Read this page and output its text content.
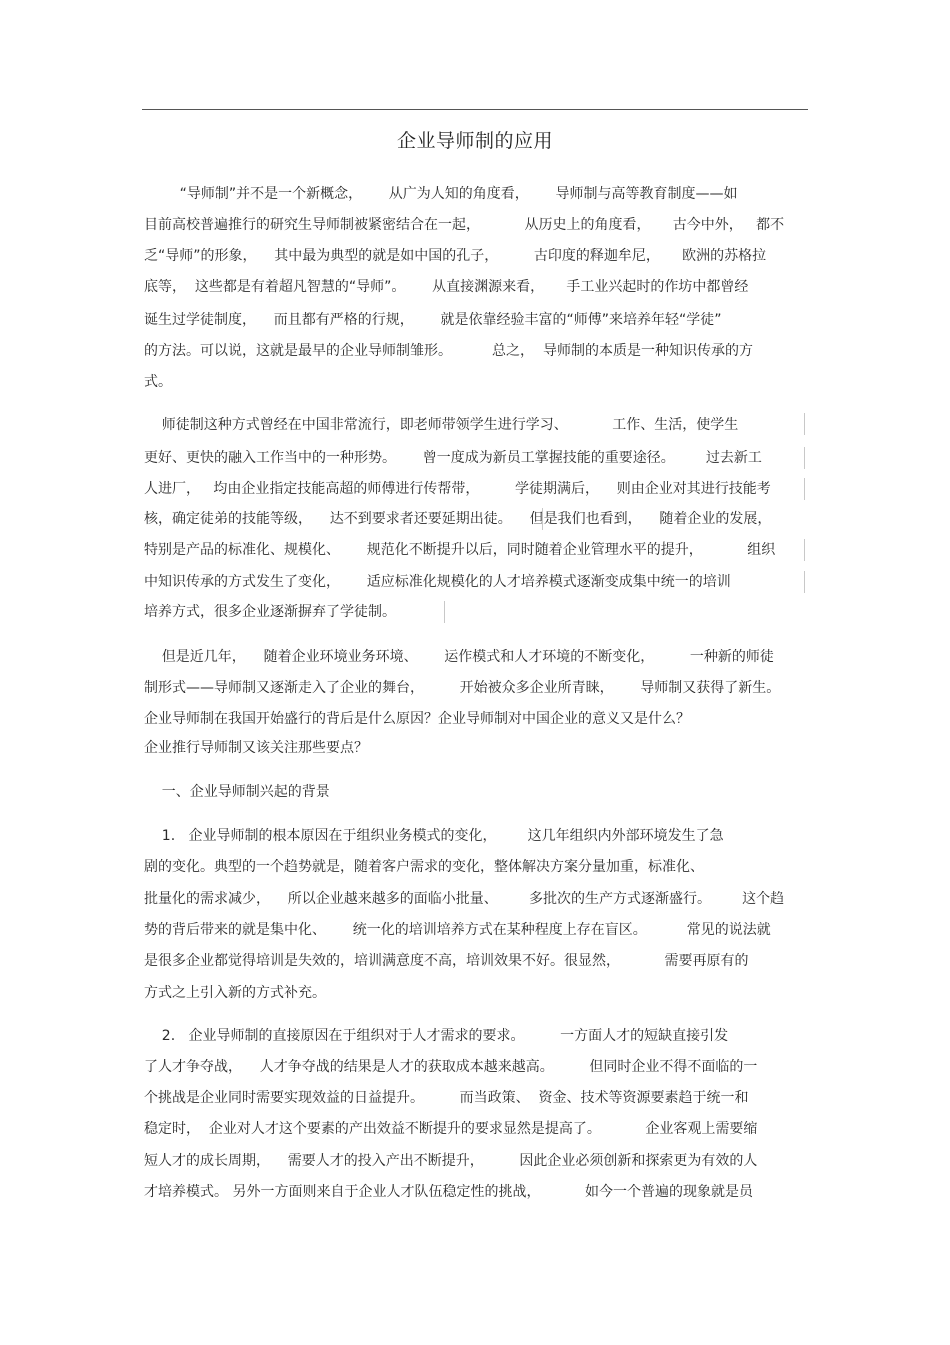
企业导师制的应用
“导师制”并不是一个新概念，      从广为人知的角度看，      导师制与高等教育制度——如
目前高校普遍推行的研究生导师制被紧密结合在一起，          从历史上的角度看，     古今中外，   都不
乏“导师”的形象，    其中最为典型的就是如中国的孔子，        古印度的释迦牟尼，     欧洲的苏格拉
底等，  这些都是有着超凡智慧的“导师”。      从直接渊源来看，     手工业兴起时的作坊中都曾经
诞生过学徒制度，    而且都有严格的行规，      就是依靠经验丰富的“师傅”来培养年轻“学徒”
的方法。可以说，这就是最早的企业导师制雏形。         总之，  导师制的本质是一种知识传承的方
式。
师徒制这种方式曾经在中国非常流行，即老师带领学生进行学习、          工作、生活，使学生
更好、更快的融入工作当中的一种形势。      曾一度成为新员工掌握技能的重要途径。       过去新工
人进厂，   均由企业指定技能高超的师傅进行传帮带，        学徒期满后，    则由企业对其进行技能考
核，确定徒弟的技能等级，    达不到要求者还要延期出徒。    但是我们也看到，    随着企业的发展，
特别是产品的标准化、规模化、      规范化不断提升以后，同时随着企业管理水平的提升，          组织
中知识传承的方式发生了变化，      适应标准化规模化的人才培养模式逐渐变成集中统一的培训
培养方式，很多企业逐渐摒弃了学徒制。
但是近几年，    随着企业环境业务环境、      运作模式和人才环境的不断变化，        一种新的师徒
制形式——导师制又逐渐走入了企业的舞台，        开始被众多企业所青睐，      导师制又获得了新生。
企业导师制在我国开始盛行的背后是什么原因？企业导师制对中国企业的意义又是什么？
企业推行导师制又该关注那些要点？
一、企业导师制兴起的背景
1.   企业导师制的根本原因在于组织业务模式的变化，       这几年组织内外部环境发生了急
剧的变化。典型的一个趋势就是，随着客户需求的变化，整体解决方案分量加重，标准化、
批量化的需求减少，    所以企业越来越多的面临小批量、       多批次的生产方式逐渐盛行。       这个趋
势的背后带来的就是集中化、      统一化的培训培养方式在某种程度上存在盲区。         常见的说法就
是很多企业都觉得培训是失效的，培训满意度不高，培训效果不好。很显然，          需要再原有的
方式之上引入新的方式补充。
2.   企业导师制的直接原因在于组织对于人才需求的要求。        一方面人才的短缺直接引发
了人才争夺战，    人才争夺战的结果是人才的获取成本越来越高。        但同时企业不得不面临的一
个挑战是企业同时需要实现效益的日益提升。        而当政策、  资金、技术等资源要素趋于统一和
稳定时，  企业对人才这个要素的产出效益不断提升的要求显然是提高了。          企业客观上需要缩
短人才的成长周期，    需要人才的投入产出不断提升，        因此企业必须创新和探索更为有效的人
才培养模式。 另外一方面则来自于企业人才队伍稳定性的挑战，          如今一个普遍的现象就是员
